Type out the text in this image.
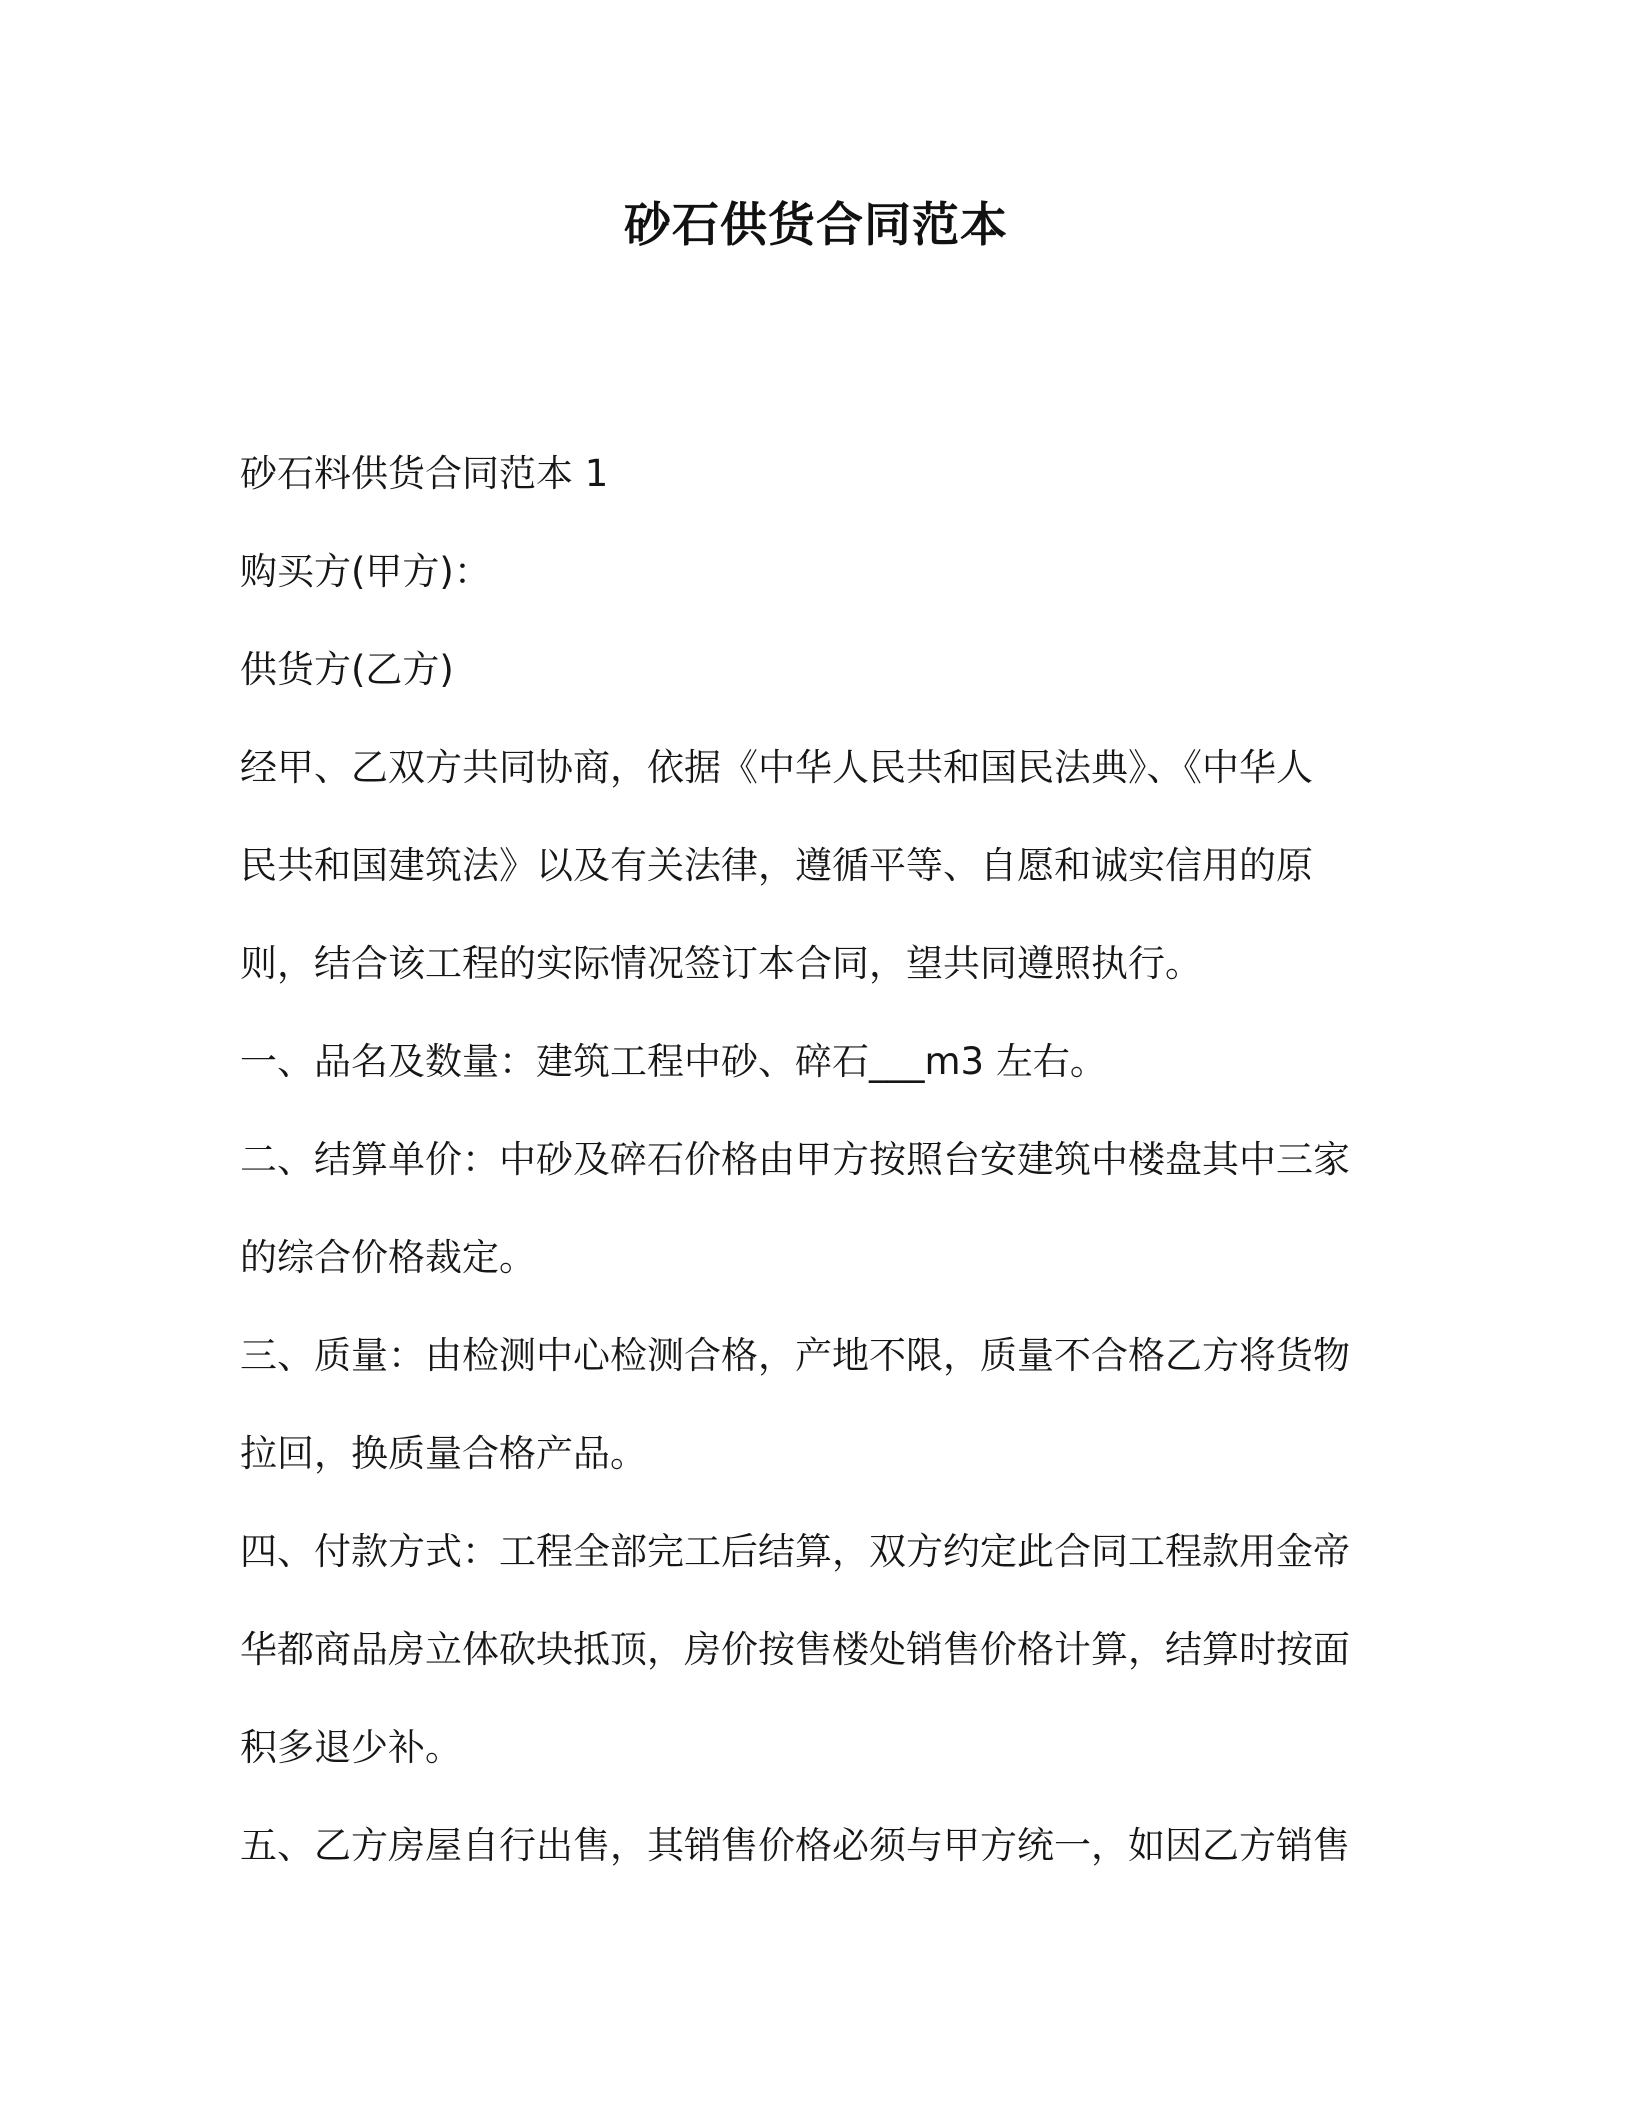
砂石供货合同范本
砂石料供货合同范本 1
购买方(甲方)：
供货方(乙方)
经甲、乙双方共同协商，依据《中华人民共和国民法典》、《中华人
民共和国建筑法》以及有关法律，遵循平等、自愿和诚实信用的原
则，结合该工程的实际情况签订本合同，望共同遵照执行。
一、品名及数量：建筑工程中砂、碎石___m3 左右。
二、结算单价：中砂及碎石价格由甲方按照台安建筑中楼盘其中三家
的综合价格裁定。
三、质量：由检测中心检测合格，产地不限，质量不合格乙方将货物
拉回，换质量合格产品。
四、付款方式：工程全部完工后结算，双方约定此合同工程款用金帝
华都商品房立体砍块抵顶，房价按售楼处销售价格计算，结算时按面
积多退少补。
五、乙方房屋自行出售，其销售价格必须与甲方统一，如因乙方销售
